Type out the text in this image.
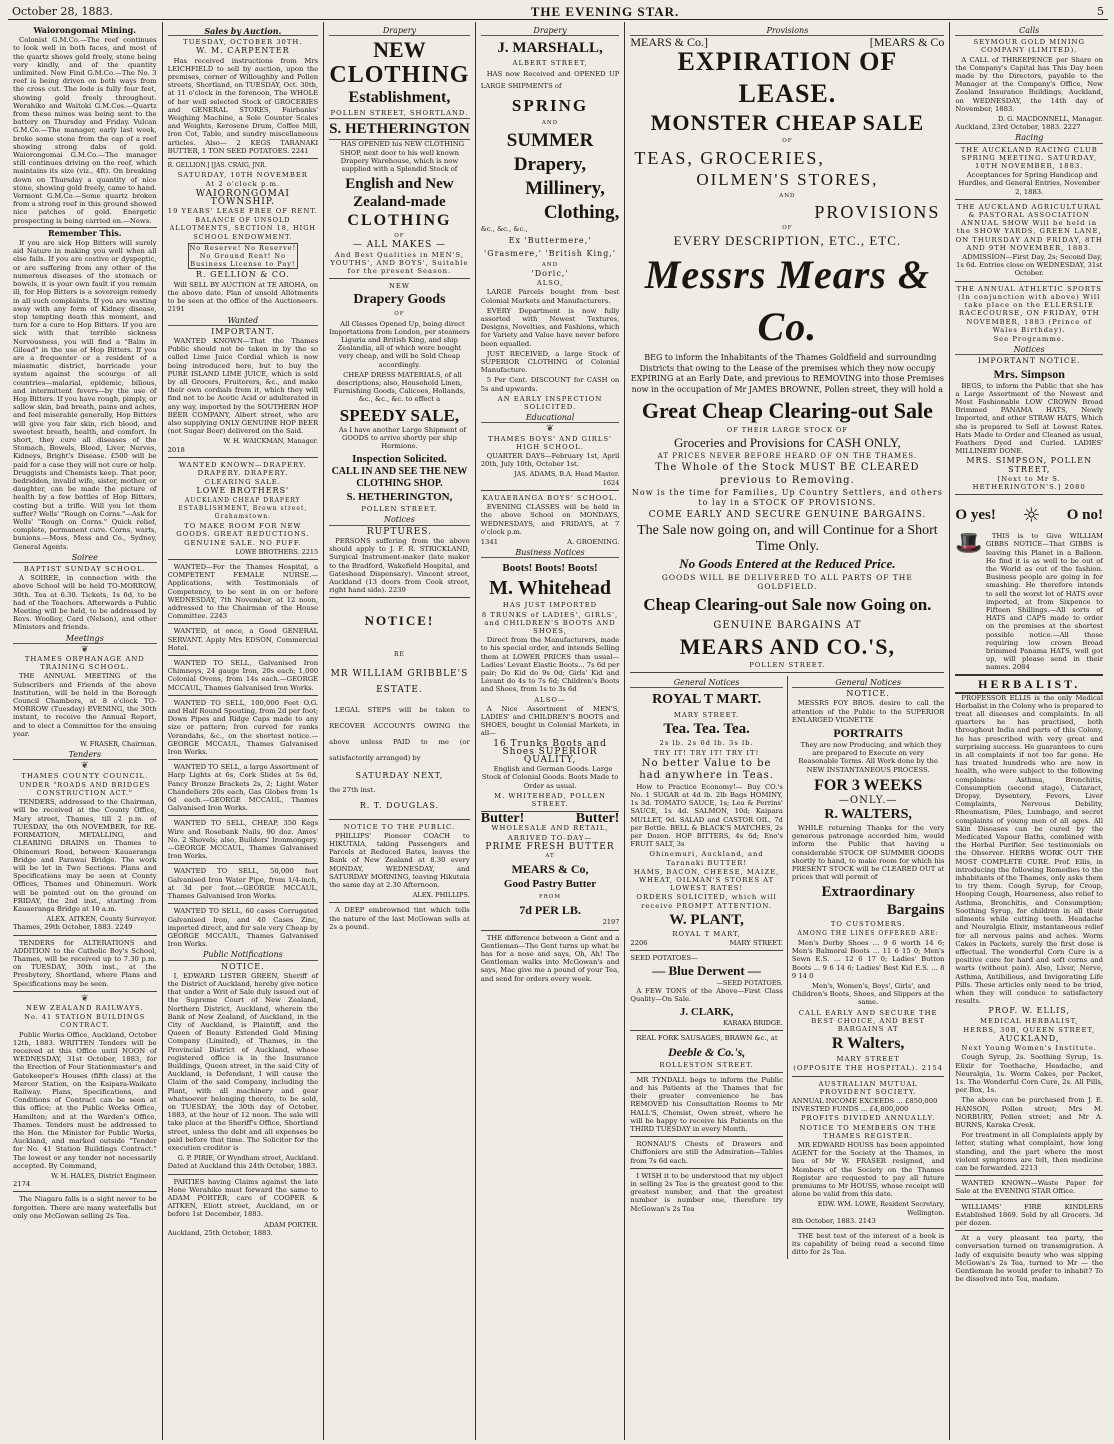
October 28, 1883.	THE EVENING STAR.	5
Waiorongomai Mining.

Colonist G.M.Co.—The reef continues to look well in both faces, and most of the quartz shows gold freely, stone being very kindly, and of the quantity unlimited. New Find G.M.Co.—The No. 3 reef is being driven on both ways from the cross cut. The lode is fully four feet, showing gold freely throughout. Werahiko and Waitoki G.M.Cos.—Quartz from these mines was being sent to the battery on Thursday and Friday. Vulcan G.M.Co.—The manager, early last week, broke some stone from the cap of a reef showing strong dabs of gold. Waiorongomai G.M.Co.—The manager still continues driving on the reef, which maintains its size (viz., 4ft). On breaking down on Thursday a quantity of nice stone, showing gold freely, came to hand. Vermont G.M.Co.—Some quartz broken from a strong reef in this ground showed nice patches of gold. Energetic prospecting is being carried on.—News.

Remember This.

If you are sick Hop Bitters will surely aid Nature in making you well when all else fails. If you are costive or dyspeptic, or are suffering from any other of the numerous diseases of the stomach or bowels, it is your own fault if you remain ill, for Hop Bitters is a sovereign remedy in all such complaints. If you are wasting away with any form of Kidney disease, stop tempting death this moment, and turn for a cure to Hop Bitters. If you are sick with that terrible sickness Nervousness, you will find a "Balm in Gilead" in the use of Hop Bitters. If you are a frequenter or a resident of a miasmatic district, barricade your system against the scourge of all countries—malarial, epidemic, bilious, and intermittent fevers—by the use of Hop Bitters. If you have rough, pimply, or sallow skin, bad breath, pains and aches, and feel miserable generally, Hop Bitters will give you fair skin, rich blood, and sweetest breath, health, and comfort. In short, they cure all diseases of the Stomach, Bowels, Blood, Liver, Nerves, Kidneys, Bright's Disease. £500 will be paid for a case they will not cure or help. Druggists and Chemists keep. That poor, bedridden, invalid wife, sister, mother, or daughter, can be made the picture of health by a few bottles of Hop Bitters, costing but a trifle. Will you let them suffer? Wells' "Rough on Corns."—Ask for Wells' "Rough on Corns." Quick relief, complete, permanent cure. Corns, warts, bunions.—Moss, Mess and Co., Sydney, General Agents.

Soiree
BAPTIST SUNDAY SCHOOL.

A SOIREE, in connection with the above School will be held TO-MORROW, 30th. Tea at 6.30. Tickets, 1s 6d, to be had of the Teachers. Afterwards a Public Meeting will be held, to be addressed by Revs. Woolley, Card (Nelson), and other Ministers and friends.

Meetings
❦
THAMES ORPHANAGE AND TRAINING SCHOOL.

THE ANNUAL MEETING of the Subscribers and Friends of the above Institution, will be held in the Borough Council Chambers, at 8 o'clock TO-MORROW (Tuesday) EVENING, the 30th instant, to receive the Annual Report, and to elect a Committee for the ensuing year.

W. FRASER, Chairman.
Tenders
❦
THAMES COUNTY COUNCIL.
UNDER "ROADS AND BRIDGES CONSTRUCTION ACT."

TENDERS, addressed to the Chairman, will be received at the County Office, Mary street, Thames, till 2 p.m. of TUESDAY, the 6th NOVEMBER, for RE-FORMATION, METALLING, and CLEARING DRAINS on Thames to Ohinemuri Road, between Kauaeranga Bridge and Parawai Bridge. The work will be let in Two Sections. Plans and Specifications may be seen at County Offices, Thames and Ohinemuri. Work will be pointed out on the ground on FRIDAY, the 2nd inst., starting from Kauaeranga Bridge at 10 a.m.

ALEX. AITKEN, County Surveyor.
Thames, 29th October, 1883. 2249

TENDERS for ALTERATIONS and ADDITION to the Catholic Boy's School, Thames, will be received up to 7.30 p.m. on TUESDAY, 30th inst., at the Presbytery, Shortland, where Plans and Specifications may be seen.

❦
NEW ZEALAND RAILWAYS.
No. 41 STATION BUILDINGS CONTRACT.

Public Works Office, Auckland, October 12th, 1883. WRITTEN Tenders will be received at this Office until NOON of WEDNESDAY, 31st October, 1883, for the Erection of Four Stationmaster's and Gatekeeper's Houses (fifth class) at the Mercer Station, on the Kaipara-Waikato Railway. Plans, Specifications, and Conditions of Contract can be seen at this office; at the Public Works Office, Hamilton; and at the Warden's Office, Thames. Tenders must be addressed to the Hon. the Minister for Public Works, Auckland, and marked outside "Tender for No. 41 Station Buildings Contract." The lowest or any tender not necessarily accepted. By Command,

W. H. HALES, District Engineer.
2174

The Niagara falls is a sight never to be forgotten. There are many waterfalls but only one McGowan selling 2s Tea.

Sales by Auction.
TUESDAY, OCTOBER 30TH.
W. M. CARPENTER

Has received instructions from Mrs LEICHFIELD to sell by auction, upon the premises, corner of Willoughby and Pollen streets, Shortland, on TUESDAY, Oct. 30th, at 11 o'clock in the forenoon, The WHOLE of her well selected Stock of GROCERIES and GENERAL STORES, Fairbanks' Weighing Machine, a Sole Counter Scales and Weights, Kerosene Drum, Coffee Mill, Iron Cot, Table, and sundry miscellaneous articles. Also— 2 KEGS TARANAKI BUTTER, 1 TON SEED POTATOES. 2241

R. GELLION.] [JAS. CRAIG, JNR.
SATURDAY, 10TH NOVEMBER
At 2 o'clock p.m.
WAIORONGOMAI TOWNSHIP.
19 YEARS' LEASE FREE OF RENT.
BALANCE OF UNSOLD ALLOTMENTS, SECTION 18, HIGH SCHOOL ENDOWMENT.
No Reserve! No Reserve! No Ground Rent! No Business License to Pay!
R. GELLION & CO.

Will SELL BY AUCTION at TE AROHA, on the above date. Plan of unsold Allotments to be seen at the office of the Auctioneers. 2191

Wanted
IMPORTANT.

WANTED KNOWN—That the Thames Public should not be taken in by the so called Lime Juice Cordial which is now being introduced here, but to buy the PURE ISLAND LIME JUICE, which is sold by all Grocers, Fruiterers, &c., and make their own cordials from it, which they will find not to be Acetic Acid or adulterated in any way, imported by the SOUTHERN HOP BEER COMPANY, Albert street, who are also supplying ONLY GENUINE HOP BEER (not Sugar Beer) delivered on the Said.

W. H. WAICKMAN, Manager.
2018
WANTED KNOWN—DRAPERY. DRAPERY. DRAPERY.
CLEARING SALE.
LOWE BROTHERS'
AUCKLAND CHEAP DRAPERY ESTABLISHMENT, Brown street, Grahamstown.
TO MAKE ROOM FOR NEW GOODS. GREAT REDUCTIONS. GENUINE SALE. NO PUFF.
LOWE BROTHERS. 2215

WANTED—For the Thames Hospital, a COMPETENT FEMALE NURSE.—Applications, with Testimonials of Competency, to be sent in on or before WEDNESDAY, 7th November, at 12 noon, addressed to the Chairman of the House Committee. 2243

WANTED, at once, a Good GENERAL SERVANT. Apply Mrs EDSON, Commercial Hotel.

WANTED TO SELL, Galvanised Iron Chimneys, 24 gauge Iron, 20s each; 1,000 Colonial Ovens, from 14s each.—GEORGE MCCAUL, Thames Galvanised Iron Works.

WANTED TO SELL, 100,000 Feet O.G. and Half Round Spouting, from 2d per foot; Down Pipes and Ridge Caps made to any size or pattern; Iron curved for ranks Verandahs, &c., on the shortest notice.—GEORGE MCCAUL, Thames Galvanised Iron Works.

WANTED TO SELL, a large Assortment of Harp Lights at 6s, Cork Slides at 5s 6d, Fancy Bronze Brackets 2s, 2; Light Water Chandeliers 20s each, Gas Globes from 1s 6d each.—GEORGE MCCAUL, Thames Galvanised Iron Works.

WANTED TO SELL, CHEAP, 350 Kegs Wire and Rosebank Nails, 90 doz. Ames' No. 2 Shovels; also, Builders' Ironmongery.—GEORGE MCCAUL, Thames Galvanised Iron Works.

WANTED TO SELL, 50,000 feet Galvanised Iron Water Pipe, from 1/4-inch, at 3d per foot.—GEORGE MCCAUL, Thames Galvanised Iron Works.

WANTED TO SELL, 60 cases Corrugated Galvanised Iron, and 40 Cases Zinc, imported direct, and for sale very Cheap by GEORGE MCCAUL, Thames Galvanised Iron Works.

Public Notifications
NOTICE.

I, EDWARD LISTER GREEN, Sheriff of the District of Auckland, hereby give notice that under a Writ of Sale duly issued out of the Supreme Court of New Zealand, Northern District, Auckland, wherein the Bank of New Zealand, of Auckland, in the City of Auckland, is Plaintiff, and the Queen of Beauty Extended Gold Mining Company (Limited), of Thames, in the Provincial District of Auckland, whose registered office is in the Insurance Buildings, Queen street, in the said City of Auckland, is Defendant, I will cause the Claim of the said Company, including the Plant, with all machinery and gear whatsoever belonging thereto, to be sold, on TUESDAY, the 30th day of October, 1883, at the hour of 12 noon. The sale will take place at the Sheriff's Office, Shortland street, unless the debt and all expenses be paid before that time. The Solicitor for the execution creditor is

G. P. PIRIE, Of Wyndham street, Auckland.
Dated at Auckland this 24th October, 1883.

PARTIES having Claims against the late Hone Werahiko must forward the same to ADAM PORTER, care of COOPER & AITKEN, Eliott street, Auckland, on or before 1st December, 1883.

ADAM PORTER.
Auckland, 25th October, 1883.
Drapery
NEW
CLOTHING
Establishment,
POLLEN STREET, SHORTLAND.
S. HETHERINGTON

HAS OPENED his NEW CLOTHING SHOP, next door to his well known Drapery Warehouse, which is now supplied with a Splendid Stock of

English and New Zealand-made
CLOTHING
OF
— ALL MAKES —
And Best Qualities in MEN'S, YOUTHS', AND BOYS', Suitable for the present Season.
NEW
Drapery Goods
OF

All Classes Opened Up, being direct Importations from London, per steamers Liguria and British King, and ship Zealandia, all of which were bought very cheap, and will be Sold Cheap accordingly.

CHEAP DRESS MATERIALS, of all descriptions; also, Household Linen, Furnishing Goods, Calicoes, Hollands, &c., &c., &c. to effect a

SPEEDY SALE,

As I have another Large Shipment of GOODS to arrive shortly per ship Hermione.

Inspection Solicited.
CALL IN AND SEE THE NEW CLOTHING SHOP.
S. HETHERINGTON,
POLLEN STREET.
Notices
RUPTURES.

PERSONS suffering from the above should apply to J. F. R. STRICKLAND, Surgical Instrument-maker (late maker to the Bradford, Wakefield Hospital, and Gateshead Dispensary). Vincent street, Auckland (13 doors from Cook street, right hand side). 2239

NOTICE!
RE
MR WILLIAM GRIBBLE'S
ESTATE.

LEGAL STEPS will be taken to RECOVER ACCOUNTS OWING the above unless PAID to me (or satisfactorily arranged) by

SATURDAY NEXT,
the 27th inst.
R. T. DOUGLAS.
NOTICE TO THE PUBLIC.

PHILLIPS' Pioneer COACH to HIKUTAIA, taking Passengers and Parcels at Reduced Rates, leaves the Bank of New Zealand at 8.30 every MONDAY, WEDNESDAY, and SATURDAY MORNING, leaving Hikutaia the same day at 2.30 Afternoon.

ALEX. PHILLIPS.

A DEEP embrowned tint which tells the nature of the last McGowan sells at 2s a pound.

Drapery
J. MARSHALL,
ALBERT STREET,

HAS now Received and OPENED UP LARGE SHIPMENTS of

SPRING
AND
SUMMER
Drapery,
Millinery,
Clothing,
&c., &c., &c.,
Ex 'Buttermere,' 'Grasmere,' 'British King,'
AND
'Doric,'
ALSO,

LARGE Parcels bought from best Colonial Markets and Manufacturers.

EVERY Department is now fully assorted with Newest Textures, Designs, Novelties, and Fashions, which for Variety and Value have never before been equalled.

JUST RECEIVED, a large Stock of SUPERIOR CLOTHING of Colonial Manufacture.

5 Per Cent. DISCOUNT for CASH on 5s and upwards.

AN EARLY INSPECTION SOLICITED.
Educational
❦
THAMES BOYS' AND GIRLS' HIGH SCHOOL.

QUARTER DAYS—February 1st, April 20th, July 10th, October 1st.

JAS. ADAMS, B.A. Head Master.
1624
KAUAERANGA BOYS' SCHOOL.

EVENING CLASSES will be held in the above School on MONDAYS, WEDNESDAYS, and FRIDAYS, at 7 o'clock p.m.

1341	A. GROENING.
Business Notices
Boots! Boots! Boots!
M. Whitehead
HAS JUST IMPORTED
8 TRUNKS of LADIES', GIRLS', and CHILDREN'S BOOTS AND SHOES,

Direct from the Manufacturers, made to his special order, and intends Selling them at LOWER PRICES than usual— Ladies' Levant Elastic Boots... 7s 6d per pair; Do Kid do 9s 0d; Girls' Kid and Levant do 4s to 7s 6d; Children's Boots and Shoes, from 1s to 3s 6d

ALSO—

A Nice Assortment of MEN'S, LADIES' and CHILDREN'S BOOTS and SHOES, bought in Colonial Markets, in all—

16 Trunks Boots and Shoes SUPERIOR QUALITY,

English and German Goods. Large Stock of Colonial Goods. Boots Made to Order as usual.

M. WHITEHEAD, POLLEN STREET.
Butter!	Butter!
WHOLESALE AND RETAIL,
ARRIVED TO-DAY—
PRIME FRESH BUTTER
AT
MEARS & Co,
Good Pastry Butter
FROM
7d PER LB.
2197

THE difference between a Gent and a Gentleman—The Gent turns up what he has for a nose and says, Oh, Ah! The Gentleman walks into McGowan's and says, Mac give me a pound of your Tea, and send for orders every week.

Provisions
MEARS & Co.]	[MEARS & Co
EXPIRATION OF LEASE.
MONSTER CHEAP SALE
OF
TEAS, GROCERIES,
OILMEN'S STORES,
AND
PROVISIONS
OF
EVERY DESCRIPTION, ETC., ETC.
Messrs Mears & Co.

BEG to inform the Inhabitants of the Thames Goldfield and surrounding Districts that owing to the Lease of the premises which they now occupy EXPIRING at an Early Date, and previous to REMOVING into those Premises now in the occupation of Mr JAMES BROWNE, Pollen street, they will hold a

Great Cheap Clearing-out Sale
OF THEIR LARGE STOCK OF
Groceries and Provisions for CASH ONLY,
AT PRICES NEVER BEFORE HEARD OF ON THE THAMES.
The Whole of the Stock MUST BE CLEARED previous to Removing.
Now is the time for Families, Up Country Settlers, and others to lay in a STOCK OF PROVISIONS.
COME EARLY AND SECURE GENUINE BARGAINS.
The Sale now going on, and will Continue for a Short Time Only.
No Goods Entered at the Reduced Price.
GOODS WILL BE DELIVERED TO ALL PARTS OF THE GOLDFIELD.
Cheap Clearing-out Sale now Going on.
GENUINE BARGAINS AT
MEARS AND CO.'S,
POLLEN STREET.
General Notices
ROYAL T MART.
MARY STREET.
Tea. Tea. Tea.
2s lb. 2s 6d lb. 3s lb.
TRY IT! TRY IT! TRY IT!
No better Value to be had anywhere in Teas.

How to Practice Economy!— Buy CO.'s No. 1 SUGAR at 4d lb. 2lb Bags HOMINY, 1s 3d. TOMATO SAUCE, 1s; Lea & Perrins' SAUCE, 1s 4d. SALMON, 10d; Kaipara MULLET, 9d. SALAD and CASTOR OIL, 7d per Bottle. BELL & BLACK'S MATCHES, 2s per Dozen. HOP BITTERS, 4s 6d; Eno's FRUIT SALT, 3s

Ohinemuri, Auckland, and Taranaki BUTTER!
HAMS, BACON, CHEESE, MAIZE, WHEAT, OILMAN'S STORES AT LOWEST RATES!
ORDERS SOLICITED, which will receive PROMPT ATTENTION.
W. PLANT,
ROYAL T MART,
2206	MARY STREET.
SEED POTATOES—
— Blue Derwent —
—SEED POTATOES.

A FEW TONS of the Above—First Class Quality—On Sale.

J. CLARK,
KARAKA BRIDGE.

REAL FORK SAUSAGES, BRAWN &c., at

Deeble & Co.'s,
ROLLESTON STREET.

MR TYNDALL begs to inform the Public and his Patients at the Thames that for their greater convenience he has REMOVED his Consultation Rooms to Mr HALL'S, Chemist, Owen street, where he will be happy to receive his Patients on the THIRD TUESDAY in every Month.

RONNAU'S Chests of Drawers and Chiffoniers are still the Admiration—Tables from 7s 6d each.

I WISH it to be understood that my object in selling 2s Tea is the greatest good to the greatest number, and that the greatest number is number one, therefore try McGowan's 2s Tea

General Notices
NOTICE.

MESSRS FOY BROS. desire to call the attention of the Public to the SUPERIOR ENLARGED VIGNETTE

PORTRAITS

They are now Producing, and which they are prepared to Execute on very Reasonable Terms. All Work done by the NEW INSTANTANEOUS PROCESS.

FOR 3 WEEKS
—ONLY.—
R. WALTERS,

WHILE returning Thanks for the very generous patronage accorded him, would inform the Public that having a considerable STOCK OF SUMMER GOODS shortly to hand, to make room for which his PRESENT STOCK will be CLEARED OUT at prices that will permit of

Extraordinary
Bargains
TO CUSTOMERS.
AMONG THE LINES OFFERED ARE:

Men's Derby Shoes ... 9 6 worth 14 6; Men's Balmoral Boots ... 11 6 15 0; Men's Sewn E.S. ... 12 6 17 0; Ladies' Button Boots ... 9 6 14 6; Ladies' Best Kid E.S. ... 8 9 14 0

Men's, Women's, Boys', Girls', and Children's Boots, Shoes, and Slippers at the same.

CALL EARLY AND SECURE THE BEST CHOICE, AND BEST BARGAINS AT
R Walters,
MARY STREET
(OPPOSITE THE HOSPITAL). 2154
AUSTRALIAN MUTUAL PROVIDENT SOCIETY.
ANNUAL INCOME EXCEEDS ... £850,000
INVESTED FUNDS ... £4,800,000
PROFITS DIVIDED ANNUALLY.
NOTICE TO MEMBERS ON THE THAMES REGISTER.

MR EDWARD HOUSS has been appointed AGENT for the Society at the Thames, in lieu of Mr W. FRASER resigned, and Members of the Society on the Thames Register are requested to pay all future premiums to Mr HOUSS, whose receipt will alone be valid from this date.

EDW. WM. LOWE, Resident Secretary, Wellington.
8th October, 1883. 2143

THE best test of the interest of a book is its capability of being read a second time ditto for 2s Tea.

Calls
SEYMOUR GOLD MINING COMPANY (LIMITED).

A CALL of THREEPENCE per Share on the Company's Capital has This Day been made by the Directors, payable to the Manager at the Company's Office, New Zealand Insurance Buildings, Auckland, on WEDNESDAY, the 14th day of November, 1883.

D. G. MACDONNELL, Manager.
Auckland, 23rd October, 1883. 2227
Racing
THE AUCKLAND RACING CLUB SPRING MEETING. SATURDAY, 10TH NOVEMBER, 1883.

Acceptances for Spring Handicap and Hurdles, and General Entries, November 2, 1883.

THE AUCKLAND AGRICULTURAL & PASTORAL ASSOCIATION ANNUAL SHOW Will be held in the SHOW YARDS, GREEN LANE, ON THURSDAY AND FRIDAY, 8TH AND 9TH NOVEMBER, 1883.

ADMISSION—First Day, 2s; Second Day, 1s 6d. Entries close on WEDNESDAY, 31st October.

THE ANNUAL ATHLETIC SPORTS (In conjunction with above) Will take place on the ELLERSLIE RACECOURSE, ON FRIDAY, 9TH NOVEMBER, 1883 (Prince of Wales Birthday).
See Programme.
Notices
IMPORTANT NOTICE.
Mrs. Simpson

BEGS, to inform the Public that she has a Large Assortment of the Newest and Most Fashionable LOW CROWN Broad Brimmed PANAMA HATS, Newly Imported, and other STRAW HATS, Which she is prepared to Sell at Lowest Rates. Hats Made to Order and Cleaned as usual, Feathers Dyed and Curled. LADIES' MILLINERY DONE.

MRS. SIMPSON, POLLEN STREET,
[Next to Mr S. HETHERINGTON'S.] 2080
O yes! ☼ O no!
🎩	THIS is to Give WILLIAM GIBBS NOTICE—That GIBBS is leaving this Planet in a Balloon. He find it is as well to be out of the World as out of the fashion. Business people are going in for smashing. He therefore intends to sell the worst lot of HATS ever imported, at from Sixpence to Fifteen Shillings.—All sorts of HATS and CAPS made to order on the premises at the shortest possible notice.—All those requiring low crown Broad brimmed Panama HATS, well got up, will please send in their names. 2084

HERBALIST.

PROFESSOR ELLIS is the only Medical Herbalist in the Colony who is prepared to treat all diseases and complaints. In all quarters he has practised, both throughout India and parts of this Colony, he has prescribed with very great and surprising success. He guarantees to cure in all complaints if not too far gone. He has treated hundreds who are now in health, who were subject to the following complaints: Asthma, Bronchitis, Consumption (second stage), Cataract, Dropsy, Dysentery, Fevers, Liver Complaints, Nervous Debility, Rheumatism, Piles, Lumbago, and secret complaints of young men of all ages. All Skin Diseases can be cured by the Medicated Vapour Baths, combined with the Herbal Purifier. See testimonials on the Observer. HERBS WORK OUT THE MOST COMPLETE CURE. Prof. Ellis, in introducing the following Remedies to the inhabitants of the Thames, only asks them to try them. Cough Syrup, for Croup, Hooping Cough, Hoarseness, also relief to Asthma, Bronchitis, and Consumption; Soothing Syrup, for children in all their ailments while cutting teeth. Headache and Neuralgia Elixir, instantaneous relief for all nervous pains and aches. Worm Cakes in Packets, surely the first dose is effectual. The wonderful Corn Cure is a positive cure for hard and soft corns and warts (without pain). Also, Liver, Nerve, Asthma, Antibilious, and Invigorating Life Pills. These articles only need to be tried, when they will conduce to satisfactory results.

PROF. W. ELLIS,
MEDICAL HERBALIST,
HERBS, 30B, QUEEN STREET,
AUCKLAND,
Next Young Women's Institute.

Cough Syrup, 2s. Soothing Syrup, 1s. Elixir for Toothache, Headache, and Neuralgia, 1s. Worm Cakes, per Packet, 1s. The Wonderful Corn Cure, 2s. All Pills, per Box, 1s.

The above can be purchased from J. E. HANSON, Pollen street; Mrs M. NORBURY, Pollen street; and Mr A. BURNS, Karaka Creek.

For treatment in all Complaints apply by letter, stating what complaint, how long standing, and the part where the most violent symptoms are felt, then medicine can be forwarded. 2213

WANTED KNOWN—Waste Paper for Sale at the EVENING STAR Office.

WILLIAMS' FIRE KINDLERS Established 1869. Sold by all Grocers. 3d per dozen.

At a very pleasant tea party, the conversation turned on transmigration. A lady of exquisite beauty who was sipping McGowan's 2s Tea, turned to Mr — the Gentleman he would prefer to inhabit? To be dissolved into Tea, madam.
